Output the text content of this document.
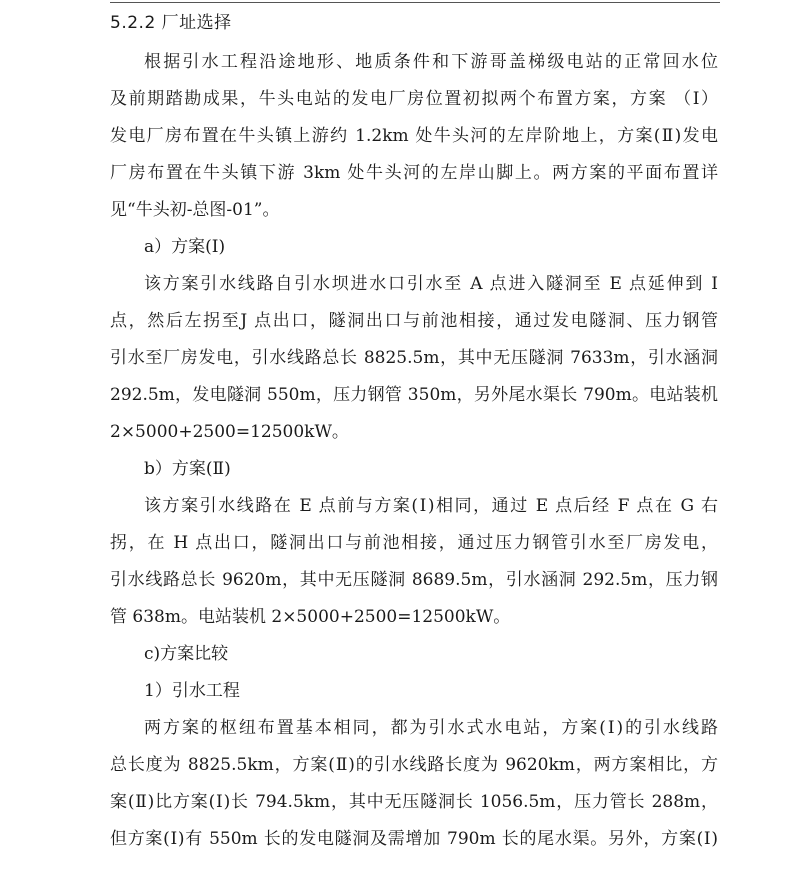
5.2.2 厂址选择

根据引水工程沿途地形、地质条件和下游哥盖梯级电站的正常回水位

及前期踏勘成果，牛头电站的发电厂房位置初拟两个布置方案，方案 （Ⅰ）

发电厂房布置在牛头镇上游约 1.2km 处牛头河的左岸阶地上，方案(Ⅱ)发电

厂房布置在牛头镇下游 3km 处牛头河的左岸山脚上。两方案的平面布置详

见“牛头初-总图-01”。

a）方案(Ⅰ)

该方案引水线路自引水坝进水口引水至 A 点进入隧洞至 E 点延伸到 I

点，然后左拐至J 点出口，隧洞出口与前池相接，通过发电隧洞、压力钢管

引水至厂房发电，引水线路总长 8825.5m，其中无压隧洞 7633m，引水涵洞

292.5m，发电隧洞 550m，压力钢管 350m，另外尾水渠长 790m。电站装机

2×5000+2500=12500kW。

b）方案(Ⅱ)

该方案引水线路在 E 点前与方案(Ⅰ)相同，通过 E 点后经 F 点在 G 右

拐，在 H 点出口，隧洞出口与前池相接，通过压力钢管引水至厂房发电，

引水线路总长 9620m，其中无压隧洞 8689.5m，引水涵洞 292.5m，压力钢

管 638m。电站装机 2×5000+2500=12500kW。

c)方案比较

1）引水工程

两方案的枢纽布置基本相同，都为引水式水电站，方案(Ⅰ)的引水线路

总长度为 8825.5km，方案(Ⅱ)的引水线路长度为 9620km，两方案相比，方

案(Ⅱ)比方案(Ⅰ)长 794.5km，其中无压隧洞长 1056.5m，压力管长 288m，

但方案(Ⅰ)有 550m 长的发电隧洞及需增加 790m 长的尾水渠。另外，方案(Ⅰ)
